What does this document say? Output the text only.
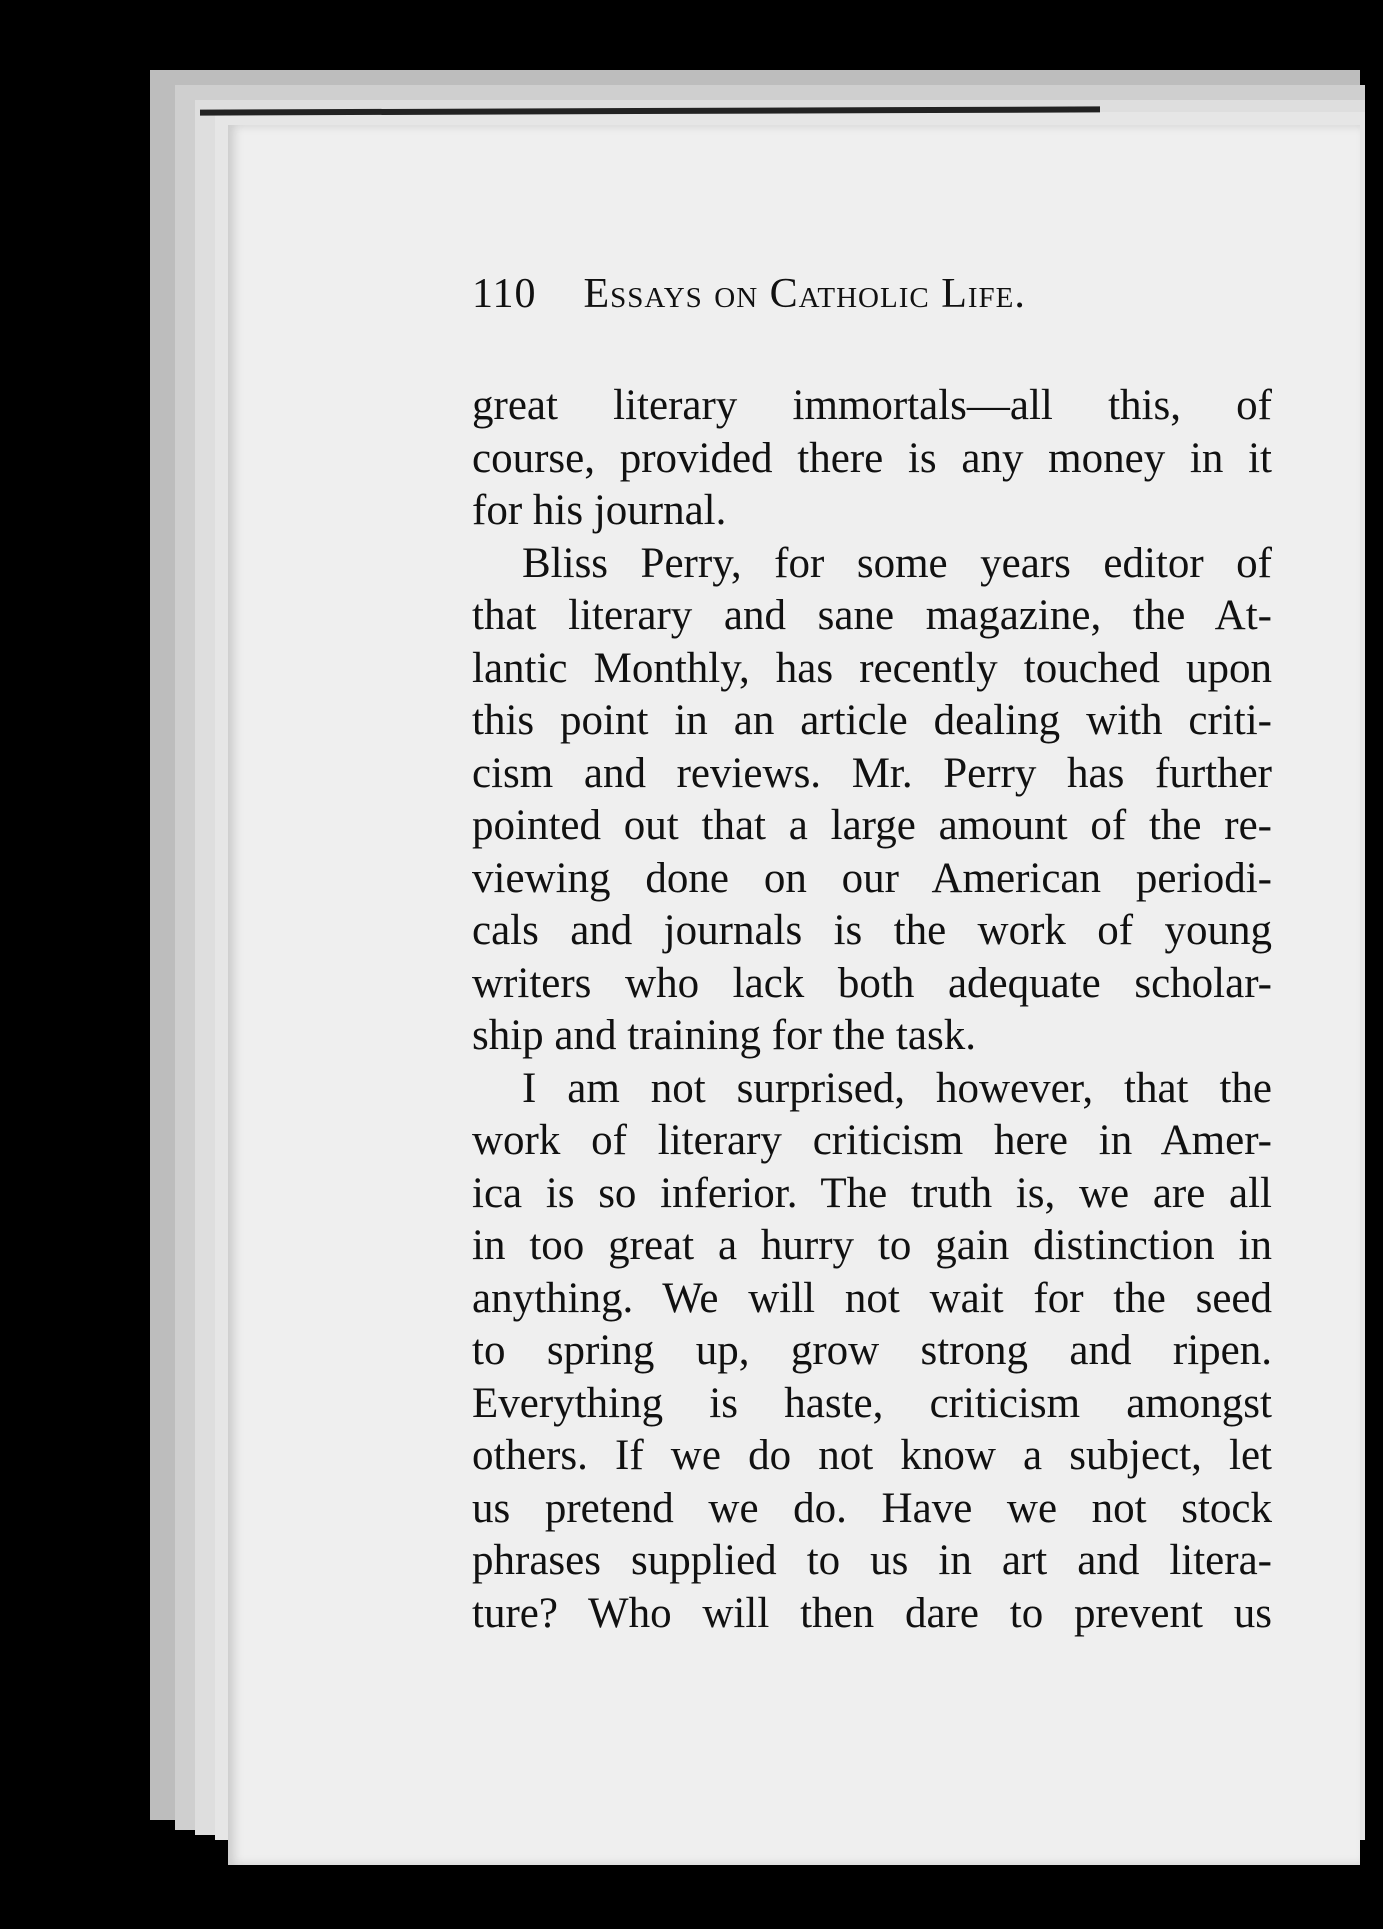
110 Essays on Catholic Life.
great literary immortals—all this, of
course, provided there is any money in it
for his journal.
Bliss Perry, for some years editor of
that literary and sane magazine, the At-
lantic Monthly, has recently touched upon
this point in an article dealing with criti-
cism and reviews. Mr. Perry has further
pointed out that a large amount of the re-
viewing done on our American periodi-
cals and journals is the work of young
writers who lack both adequate scholar-
ship and training for the task.
I am not surprised, however, that the
work of literary criticism here in Amer-
ica is so inferior. The truth is, we are all
in too great a hurry to gain distinction in
anything. We will not wait for the seed
to spring up, grow strong and ripen.
Everything is haste, criticism amongst
others. If we do not know a subject, let
us pretend we do. Have we not stock
phrases supplied to us in art and litera-
ture? Who will then dare to prevent us
